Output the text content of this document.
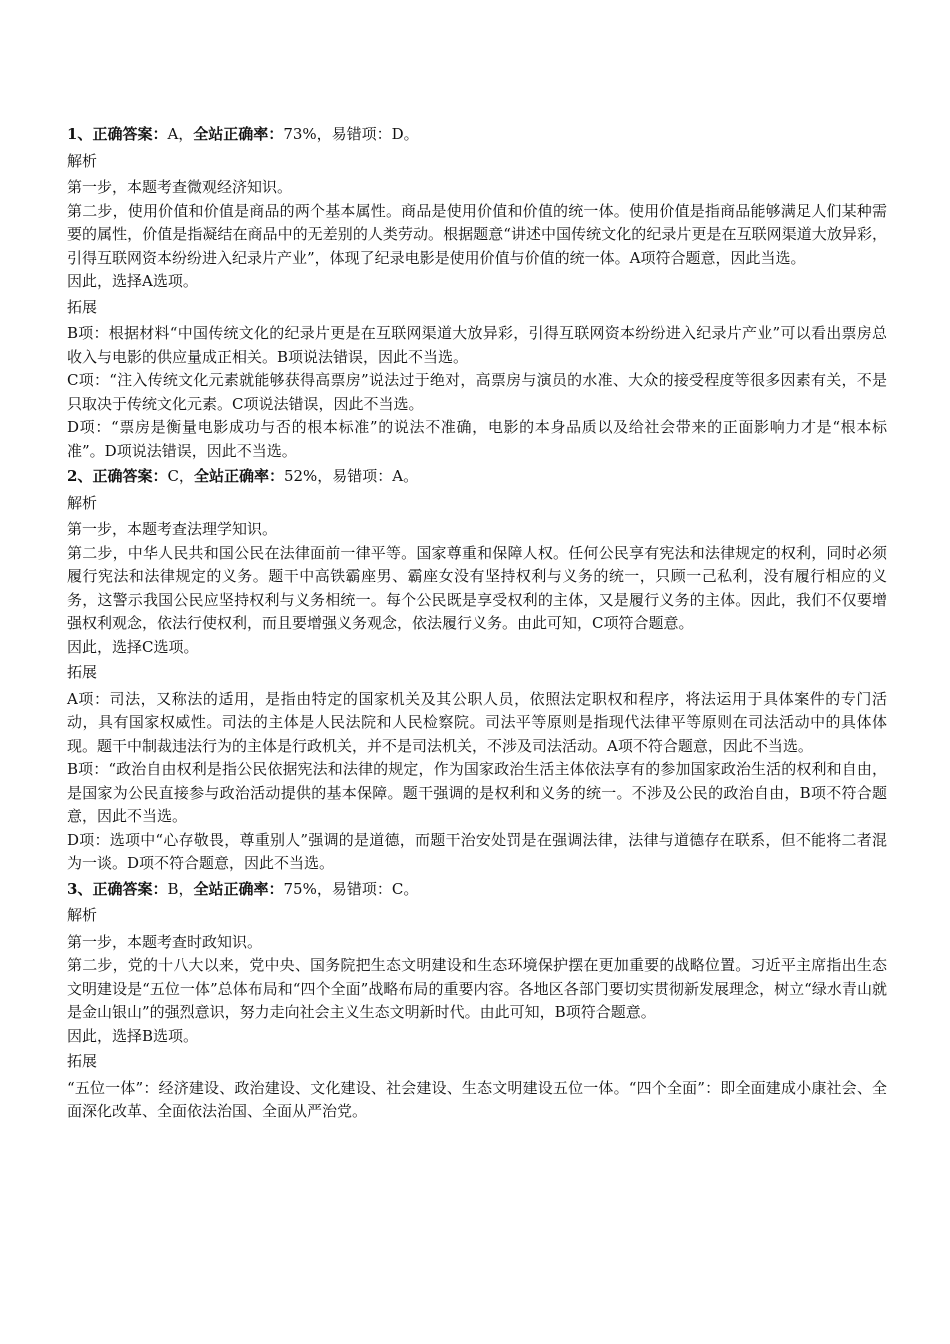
1、正确答案：A，全站正确率：73%，易错项：D。

解析

第一步，本题考查微观经济知识。

第二步，使用价值和价值是商品的两个基本属性。商品是使用价值和价值的统一体。使用价值是指商品能够满足人们某种需要的属性，价值是指凝结在商品中的无差别的人类劳动。根据题意“讲述中国传统文化的纪录片更是在互联网渠道大放异彩，引得互联网资本纷纷进入纪录片产业”，体现了纪录电影是使用价值与价值的统一体。A项符合题意，因此当选。

因此，选择A选项。

拓展

B项：根据材料“中国传统文化的纪录片更是在互联网渠道大放异彩，引得互联网资本纷纷进入纪录片产业”可以看出票房总收入与电影的供应量成正相关。B项说法错误，因此不当选。

C项：“注入传统文化元素就能够获得高票房”说法过于绝对，高票房与演员的水准、大众的接受程度等很多因素有关，不是只取决于传统文化元素。C项说法错误，因此不当选。

D项：“票房是衡量电影成功与否的根本标准”的说法不准确，电影的本身品质以及给社会带来的正面影响力才是“根本标准”。D项说法错误，因此不当选。

2、正确答案：C，全站正确率：52%，易错项：A。

解析

第一步，本题考查法理学知识。

第二步，中华人民共和国公民在法律面前一律平等。国家尊重和保障人权。任何公民享有宪法和法律规定的权利，同时必须履行宪法和法律规定的义务。题干中高铁霸座男、霸座女没有坚持权利与义务的统一，只顾一己私利，没有履行相应的义务，这警示我国公民应坚持权利与义务相统一。每个公民既是享受权利的主体，又是履行义务的主体。因此，我们不仅要增强权利观念，依法行使权利，而且要增强义务观念，依法履行义务。由此可知，C项符合题意。

因此，选择C选项。

拓展

A项：司法，又称法的适用，是指由特定的国家机关及其公职人员，依照法定职权和程序，将法运用于具体案件的专门活动，具有国家权威性。司法的主体是人民法院和人民检察院。司法平等原则是指现代法律平等原则在司法活动中的具体体现。题干中制裁违法行为的主体是行政机关，并不是司法机关，不涉及司法活动。A项不符合题意，因此不当选。

B项：“政治自由权利是指公民依据宪法和法律的规定，作为国家政治生活主体依法享有的参加国家政治生活的权利和自由，是国家为公民直接参与政治活动提供的基本保障。题干强调的是权利和义务的统一。不涉及公民的政治自由，B项不符合题意，因此不当选。

D项：选项中“心存敬畏，尊重别人”强调的是道德，而题干治安处罚是在强调法律，法律与道德存在联系，但不能将二者混为一谈。D项不符合题意，因此不当选。

3、正确答案：B，全站正确率：75%，易错项：C。

解析

第一步，本题考查时政知识。

第二步，党的十八大以来，党中央、国务院把生态文明建设和生态环境保护摆在更加重要的战略位置。习近平主席指出生态文明建设是“五位一体”总体布局和“四个全面”战略布局的重要内容。各地区各部门要切实贯彻新发展理念，树立“绿水青山就是金山银山”的强烈意识，努力走向社会主义生态文明新时代。由此可知，B项符合题意。

因此，选择B选项。

拓展

“五位一体”：经济建设、政治建设、文化建设、社会建设、生态文明建设五位一体。“四个全面”：即全面建成小康社会、全面深化改革、全面依法治国、全面从严治党。
